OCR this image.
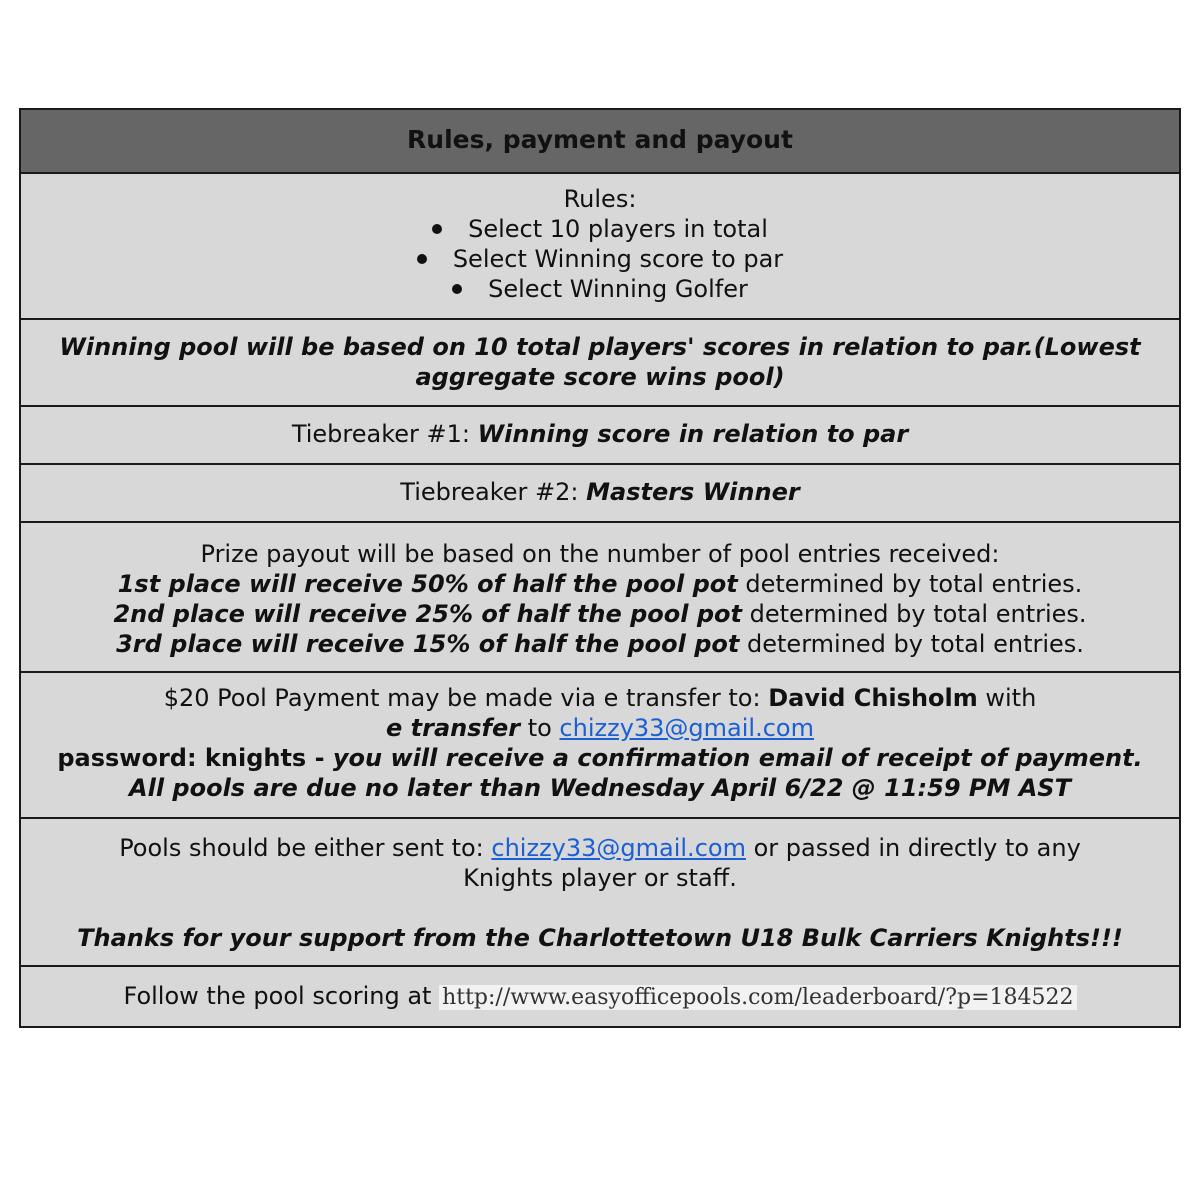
Rules, payment and payout
Rules:
Select 10 players in total
Select Winning score to par
Select Winning Golfer
Winning pool will be based on 10 total players' scores in relation to par.(Lowest
aggregate score wins pool)
Tiebreaker #1: Winning score in relation to par
Tiebreaker #2: Masters Winner
Prize payout will be based on the number of pool entries received:
1st place will receive 50% of half the pool pot determined by total entries.
2nd place will receive 25% of half the pool pot determined by total entries.
3rd place will receive 15% of half the pool pot determined by total entries.
$20 Pool Payment may be made via e transfer to: David Chisholm with
e transfer to chizzy33@gmail.com
password: knights - you will receive a confirmation email of receipt of payment.
All pools are due no later than Wednesday April 6/22 @ 11:59 PM AST
Pools should be either sent to: chizzy33@gmail.com or passed in directly to any
Knights player or staff.
Thanks for your support from the Charlottetown U18 Bulk Carriers Knights!!!
Follow the pool scoring at http://www.easyofficepools.com/leaderboard/?p=184522
